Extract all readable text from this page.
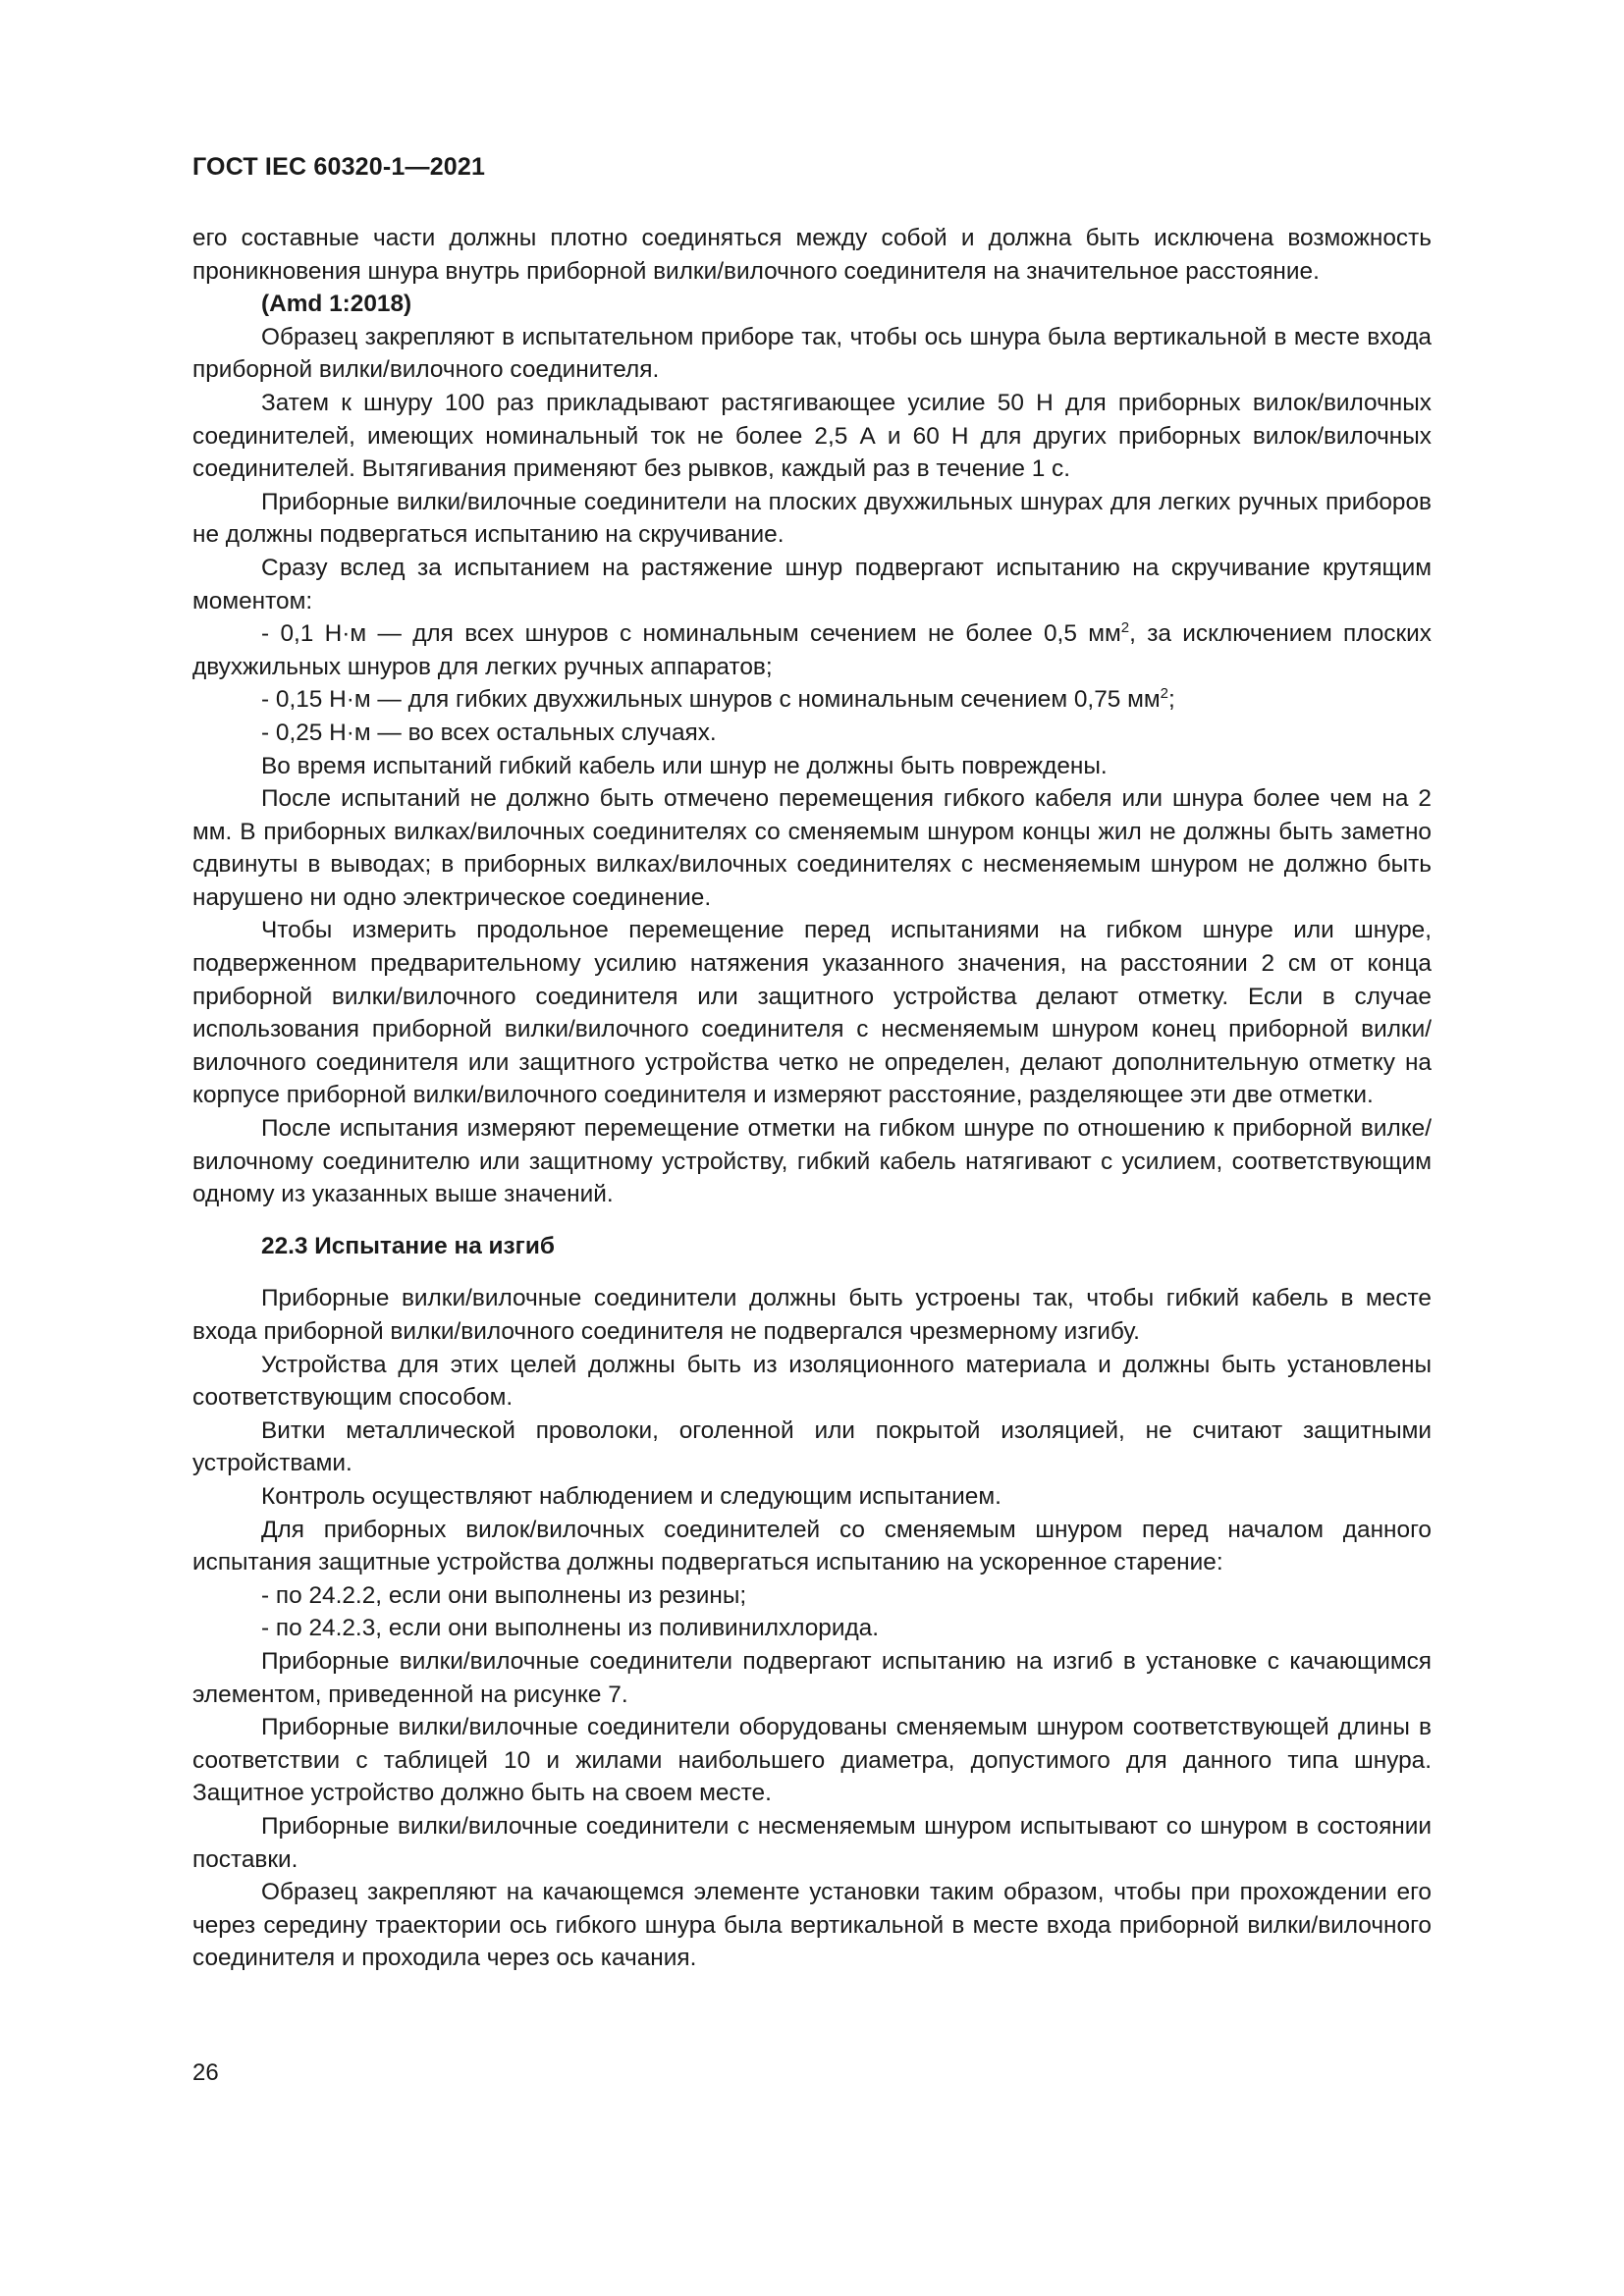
ГОСТ IEC 60320-1—2021

его составные части должны плотно соединяться между собой и должна быть исключена возможность проникновения шнура внутрь приборной вилки/вилочного соединителя на значительное расстояние.

(Amd 1:2018)

Образец закрепляют в испытательном приборе так, чтобы ось шнура была вертикальной в месте входа приборной вилки/вилочного соединителя.

Затем к шнуру 100 раз прикладывают растягивающее усилие 50 Н для приборных вилок/вилочных соединителей, имеющих номинальный ток не более 2,5 А и 60 Н для других приборных вилок/вилочных соединителей. Вытягивания применяют без рывков, каждый раз в течение 1 с.

Приборные вилки/вилочные соединители на плоских двухжильных шнурах для легких ручных приборов не должны подвергаться испытанию на скручивание.

Сразу вслед за испытанием на растяжение шнур подвергают испытанию на скручивание крутящим моментом:

- 0,1 Н·м — для всех шнуров с номинальным сечением не более 0,5 $мм^2$, за исключением плоских двухжильных шнуров для легких ручных аппаратов;

- 0,15 Н·м — для гибких двухжильных шнуров с номинальным сечением 0,75 $мм^2$;

- 0,25 Н·м — во всех остальных случаях.

Во время испытаний гибкий кабель или шнур не должны быть повреждены.

После испытаний не должно быть отмечено перемещения гибкого кабеля или шнура более чем на 2 мм. В приборных вилках/вилочных соединителях со сменяемым шнуром концы жил не должны быть заметно сдвинуты в выводах; в приборных вилках/вилочных соединителях с несменяемым шнуром не должно быть нарушено ни одно электрическое соединение.

Чтобы измерить продольное перемещение перед испытаниями на гибком шнуре или шнуре, подверженном предварительному усилию натяжения указанного значения, на расстоянии 2 см от конца приборной вилки/вилочного соединителя или защитного устройства делают отметку. Если в случае использования приборной вилки/вилочного соединителя с несменяемым шнуром конец приборной вилки/вилочного соединителя или защитного устройства четко не определен, делают дополнительную отметку на корпусе приборной вилки/вилочного соединителя и измеряют расстояние, разделяющее эти две отметки.

После испытания измеряют перемещение отметки на гибком шнуре по отношению к приборной вилке/вилочному соединителю или защитному устройству, гибкий кабель натягивают с усилием, соответствующим одному из указанных выше значений.

22.3 Испытание на изгиб

Приборные вилки/вилочные соединители должны быть устроены так, чтобы гибкий кабель в месте входа приборной вилки/вилочного соединителя не подвергался чрезмерному изгибу.

Устройства для этих целей должны быть из изоляционного материала и должны быть установлены соответствующим способом.

Витки металлической проволоки, оголенной или покрытой изоляцией, не считают защитными устройствами.

Контроль осуществляют наблюдением и следующим испытанием.

Для приборных вилок/вилочных соединителей со сменяемым шнуром перед началом данного испытания защитные устройства должны подвергаться испытанию на ускоренное старение:

- по 24.2.2, если они выполнены из резины;

- по 24.2.3, если они выполнены из поливинилхлорида.

Приборные вилки/вилочные соединители подвергают испытанию на изгиб в установке с качающимся элементом, приведенной на рисунке 7.

Приборные вилки/вилочные соединители оборудованы сменяемым шнуром соответствующей длины в соответствии с таблицей 10 и жилами наибольшего диаметра, допустимого для данного типа шнура. Защитное устройство должно быть на своем месте.

Приборные вилки/вилочные соединители с несменяемым шнуром испытывают со шнуром в состоянии поставки.

Образец закрепляют на качающемся элементе установки таким образом, чтобы при прохождении его через середину траектории ось гибкого шнура была вертикальной в месте входа приборной вилки/вилочного соединителя и проходила через ось качания.

26
